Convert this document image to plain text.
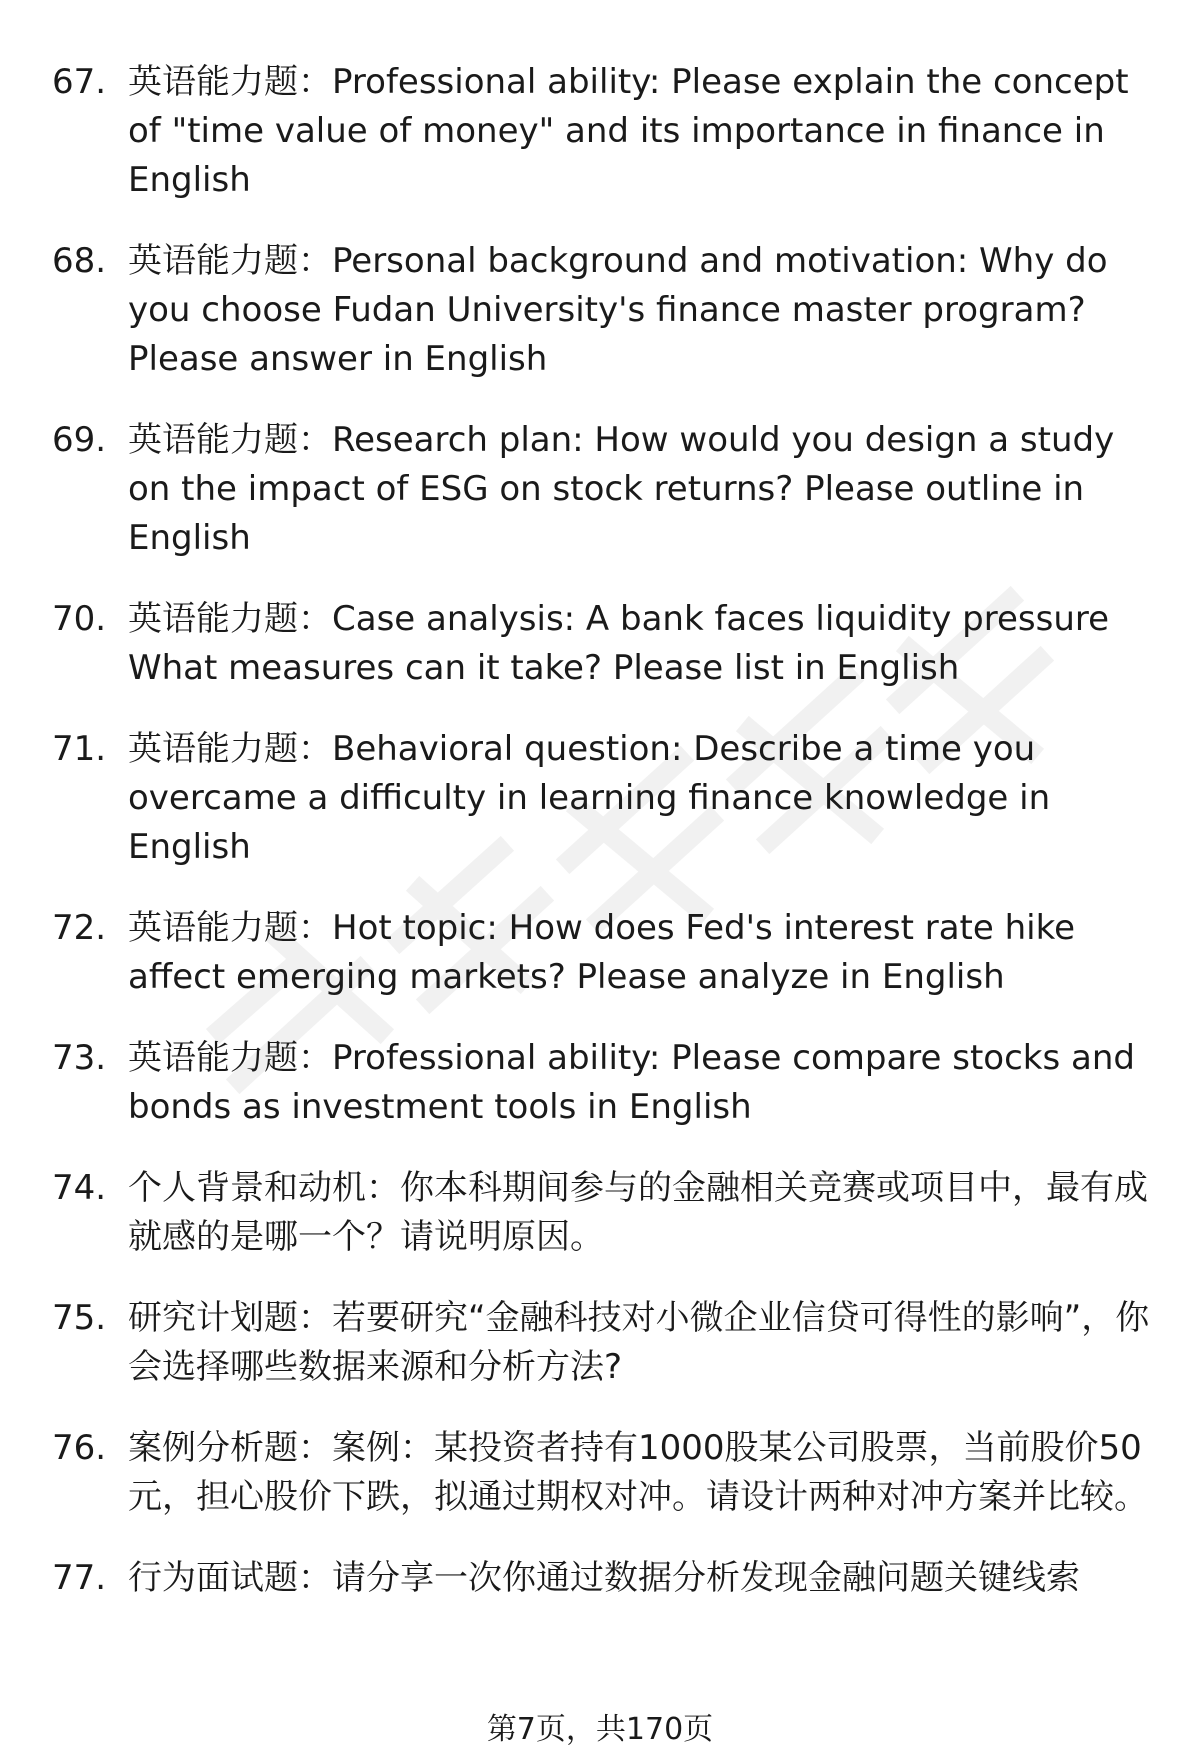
67. 英语能力题：Professional ability: Please explain the concept of "time value of money" and its importance in finance in English
68. 英语能力题：Personal background and motivation: Why do you choose Fudan University's finance master program? Please answer in English
69. 英语能力题：Research plan: How would you design a study on the impact of ESG on stock returns? Please outline in English
70. 英语能力题：Case analysis: A bank faces liquidity pressure What measures can it take? Please list in English
71. 英语能力题：Behavioral question: Describe a time you overcame a difficulty in learning finance knowledge in English
72. 英语能力题：Hot topic: How does Fed's interest rate hike affect emerging markets? Please analyze in English
73. 英语能力题：Professional ability: Please compare stocks and bonds as investment tools in English
74. 个人背景和动机：你本科期间参与的金融相关竞赛或项目中，最有成就感的是哪一个？请说明原因。
75. 研究计划题：若要研究“金融科技对小微企业信贷可得性的影响”，你会选择哪些数据来源和分析方法?
76. 案例分析题：案例：某投资者持有1000股某公司股票，当前股价50元，担心股价下跌，拟通过期权对冲。请设计两种对冲方案并比较。
77. 行为面试题：请分享一次你通过数据分析发现金融问题关键线索
第7页，共170页
